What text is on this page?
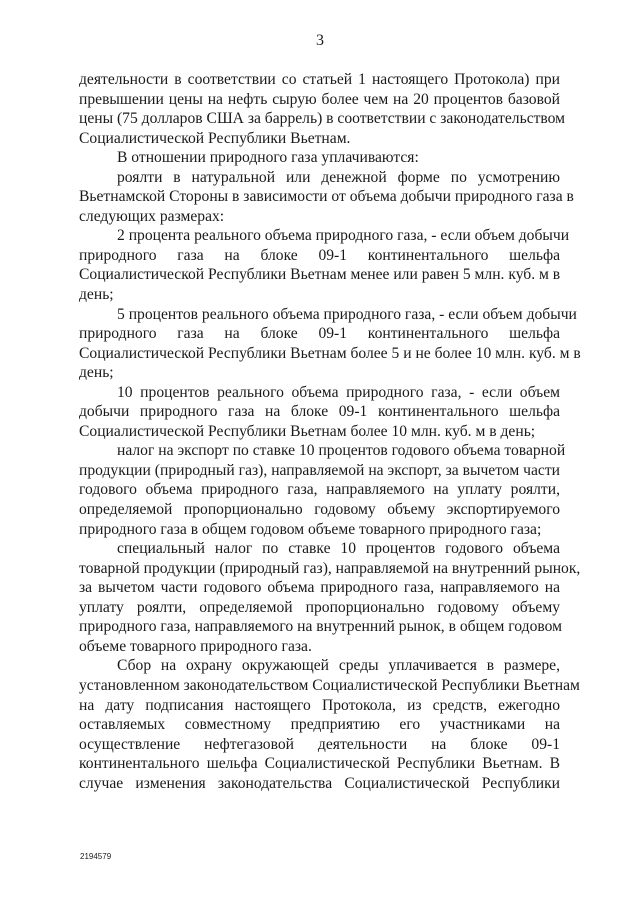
3
деятельности в соответствии со статьей 1 настоящего Протокола) при
превышении цены на нефть сырую более чем на 20 процентов базовой
цены (75 долларов США за баррель) в соответствии с законодательством
Социалистической Республики Вьетнам.
В отношении природного газа уплачиваются:
роялти в натуральной или денежной форме по усмотрению
Вьетнамской Стороны в зависимости от объема добычи природного газа в
следующих размерах:
2 процента реального объема природного газа, - если объем добычи
природного газа на блоке 09-1 континентального шельфа
Социалистической Республики Вьетнам менее или равен 5 млн. куб. м в
день;
5 процентов реального объема природного газа, - если объем добычи
природного газа на блоке 09-1 континентального шельфа
Социалистической Республики Вьетнам более 5 и не более 10 млн. куб. м в
день;
10 процентов реального объема природного газа, - если объем
добычи природного газа на блоке 09-1 континентального шельфа
Социалистической Республики Вьетнам более 10 млн. куб. м в день;
налог на экспорт по ставке 10 процентов годового объема товарной
продукции (природный газ), направляемой на экспорт, за вычетом части
годового объема природного газа, направляемого на уплату роялти,
определяемой пропорционально годовому объему экспортируемого
природного газа в общем годовом объеме товарного природного газа;
специальный налог по ставке 10 процентов годового объема
товарной продукции (природный газ), направляемой на внутренний рынок,
за вычетом части годового объема природного газа, направляемого на
уплату роялти, определяемой пропорционально годовому объему
природного газа, направляемого на внутренний рынок, в общем годовом
объеме товарного природного газа.
Сбор на охрану окружающей среды уплачивается в размере,
установленном законодательством Социалистической Республики Вьетнам
на дату подписания настоящего Протокола, из средств, ежегодно
оставляемых совместному предприятию его участниками на
осуществление нефтегазовой деятельности на блоке 09-1
континентального шельфа Социалистической Республики Вьетнам. В
случае изменения законодательства Социалистической Республики
2194579
